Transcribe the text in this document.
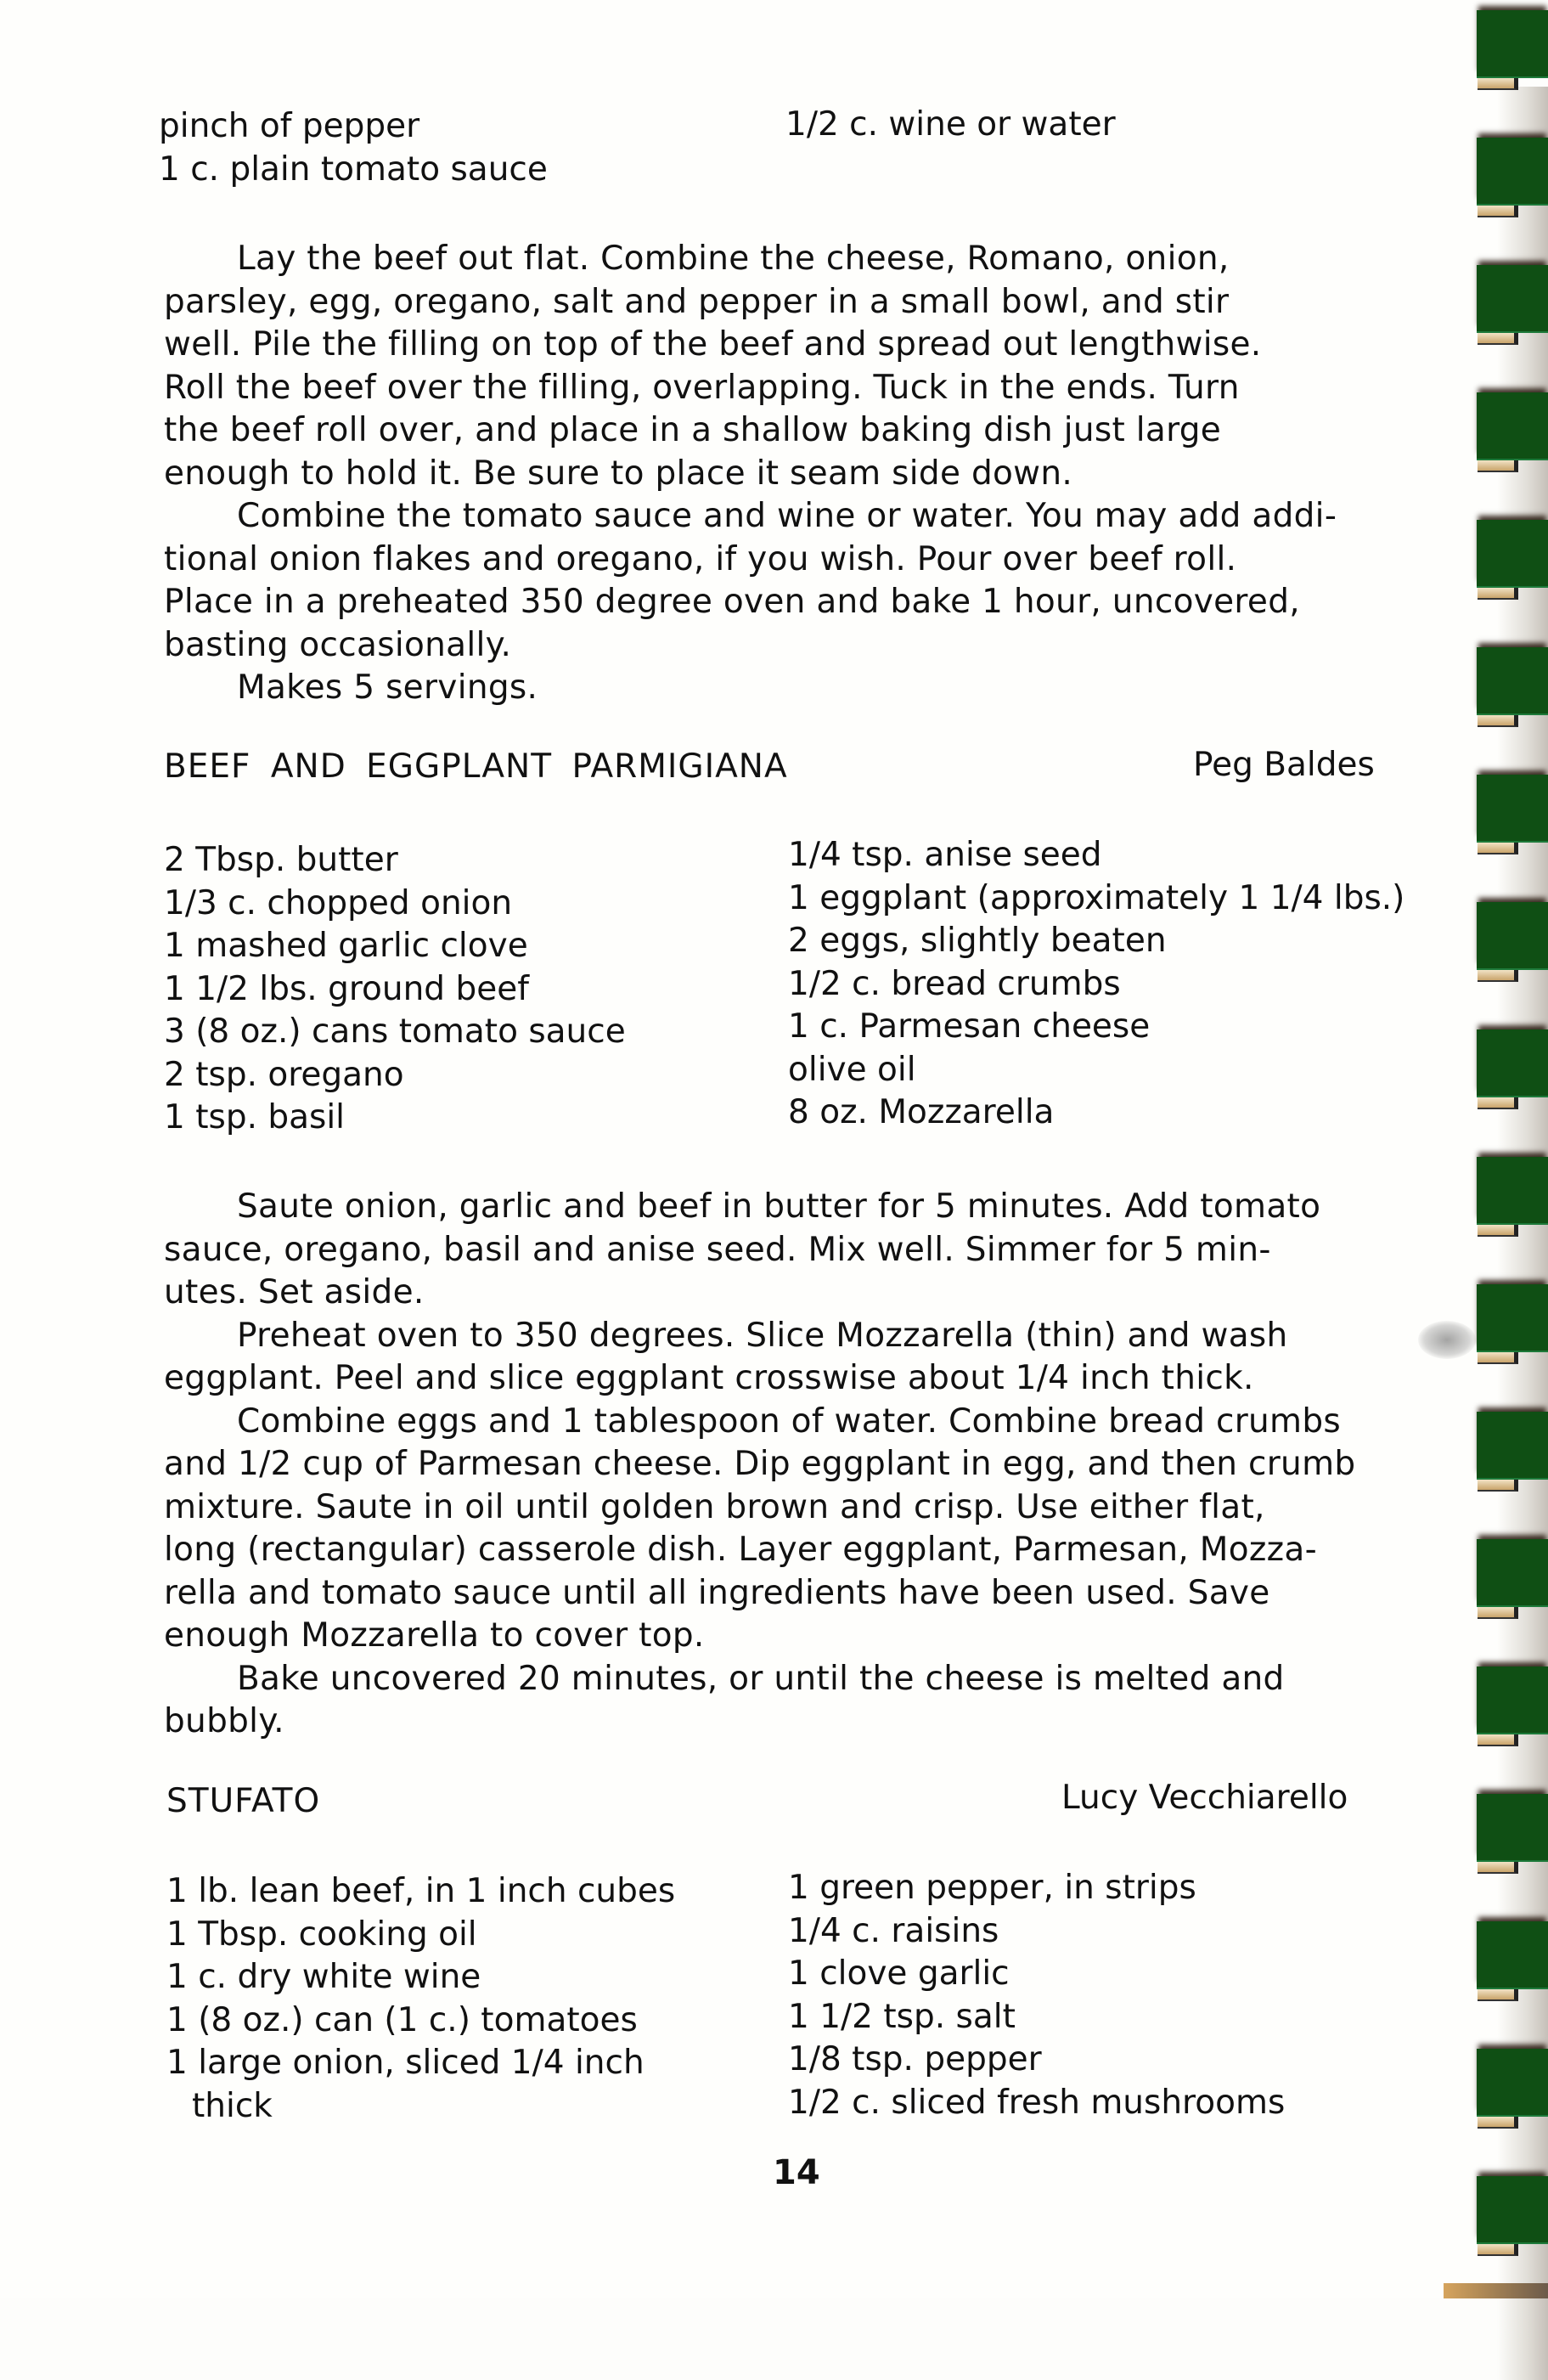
pinch of pepper
1 c. plain tomato sauce
1/2 c. wine or water
Lay the beef out flat. Combine the cheese, Romano, onion,
parsley, egg, oregano, salt and pepper in a small bowl, and stir
well. Pile the filling on top of the beef and spread out lengthwise.
Roll the beef over the filling, overlapping. Tuck in the ends. Turn
the beef roll over, and place in a shallow baking dish just large
enough to hold it. Be sure to place it seam side down.
Combine the tomato sauce and wine or water. You may add addi-
tional onion flakes and oregano, if you wish. Pour over beef roll.
Place in a preheated 350 degree oven and bake 1 hour, uncovered,
basting occasionally.
Makes 5 servings.
BEEF AND EGGPLANT PARMIGIANA	Peg Baldes
2 Tbsp. butter
1/3 c. chopped onion
1 mashed garlic clove
1 1/2 lbs. ground beef
3 (8 oz.) cans tomato sauce
2 tsp. oregano
1 tsp. basil
1/4 tsp. anise seed
1 eggplant (approximately 1 1/4 lbs.)
2 eggs, slightly beaten
1/2 c. bread crumbs
1 c. Parmesan cheese
olive oil
8 oz. Mozzarella
Saute onion, garlic and beef in butter for 5 minutes. Add tomato
sauce, oregano, basil and anise seed. Mix well. Simmer for 5 min-
utes. Set aside.
Preheat oven to 350 degrees. Slice Mozzarella (thin) and wash
eggplant. Peel and slice eggplant crosswise about 1/4 inch thick.
Combine eggs and 1 tablespoon of water. Combine bread crumbs
and 1/2 cup of Parmesan cheese. Dip eggplant in egg, and then crumb
mixture. Saute in oil until golden brown and crisp. Use either flat,
long (rectangular) casserole dish. Layer eggplant, Parmesan, Mozza-
rella and tomato sauce until all ingredients have been used. Save
enough Mozzarella to cover top.
Bake uncovered 20 minutes, or until the cheese is melted and
bubbly.
STUFATO	Lucy Vecchiarello
1 lb. lean beef, in 1 inch cubes
1 Tbsp. cooking oil
1 c. dry white wine
1 (8 oz.) can (1 c.) tomatoes
1 large onion, sliced 1/4 inch
thick
1 green pepper, in strips
1/4 c. raisins
1 clove garlic
1 1/2 tsp. salt
1/8 tsp. pepper
1/2 c. sliced fresh mushrooms
14
